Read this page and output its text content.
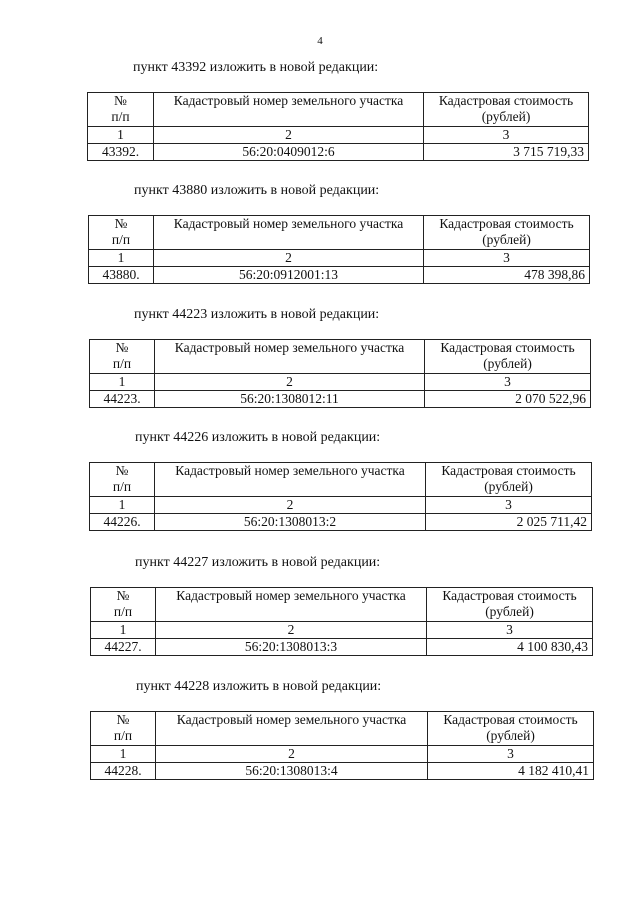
4
пункт 43392 изложить в новой редакции:
№
п/п	Кадастровый номер земельного участка	Кадастровая стоимость
(рублей)
1	2	3
43392.	56:20:0409012:6	3 715 719,33
пункт 43880 изложить в новой редакции:
№
п/п	Кадастровый номер земельного участка	Кадастровая стоимость
(рублей)
1	2	3
43880.	56:20:0912001:13	478 398,86
пункт 44223 изложить в новой редакции:
№
п/п	Кадастровый номер земельного участка	Кадастровая стоимость
(рублей)
1	2	3
44223.	56:20:1308012:11	2 070 522,96
пункт 44226 изложить в новой редакции:
№
п/п	Кадастровый номер земельного участка	Кадастровая стоимость
(рублей)
1	2	3
44226.	56:20:1308013:2	2 025 711,42
пункт 44227 изложить в новой редакции:
№
п/п	Кадастровый номер земельного участка	Кадастровая стоимость
(рублей)
1	2	3
44227.	56:20:1308013:3	4 100 830,43
пункт 44228 изложить в новой редакции:
№
п/п	Кадастровый номер земельного участка	Кадастровая стоимость
(рублей)
1	2	3
44228.	56:20:1308013:4	4 182 410,41
